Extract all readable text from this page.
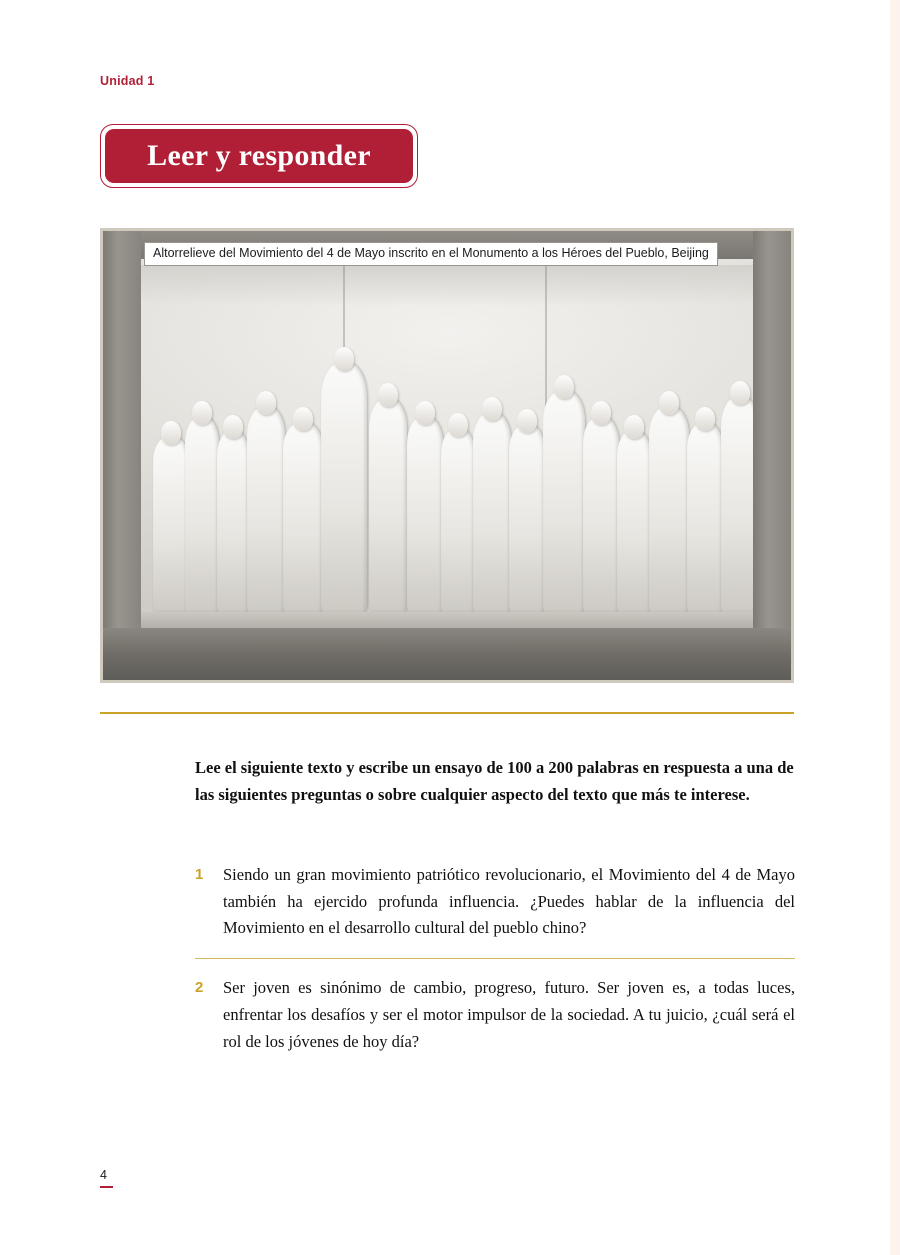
Unidad 1
Leer y responder
Altorrelieve del Movimiento del 4 de Mayo inscrito en el Monumento a los Héroes del Pueblo, Beijing
Lee el siguiente texto y escribe un ensayo de 100 a 200 palabras en respuesta a una de las siguientes preguntas o sobre cualquier aspecto del texto que más te interese.
1	Siendo un gran movimiento patriótico revolucionario, el Movimiento del 4 de Mayo también ha ejercido profunda influencia. ¿Puedes hablar de la influencia del Movimiento en el desarrollo cultural del pueblo chino?
2	Ser joven es sinónimo de cambio, progreso, futuro. Ser joven es, a todas luces, enfrentar los desafíos y ser el motor impulsor de la sociedad. A tu juicio, ¿cuál será el rol de los jóvenes de hoy día?
4
